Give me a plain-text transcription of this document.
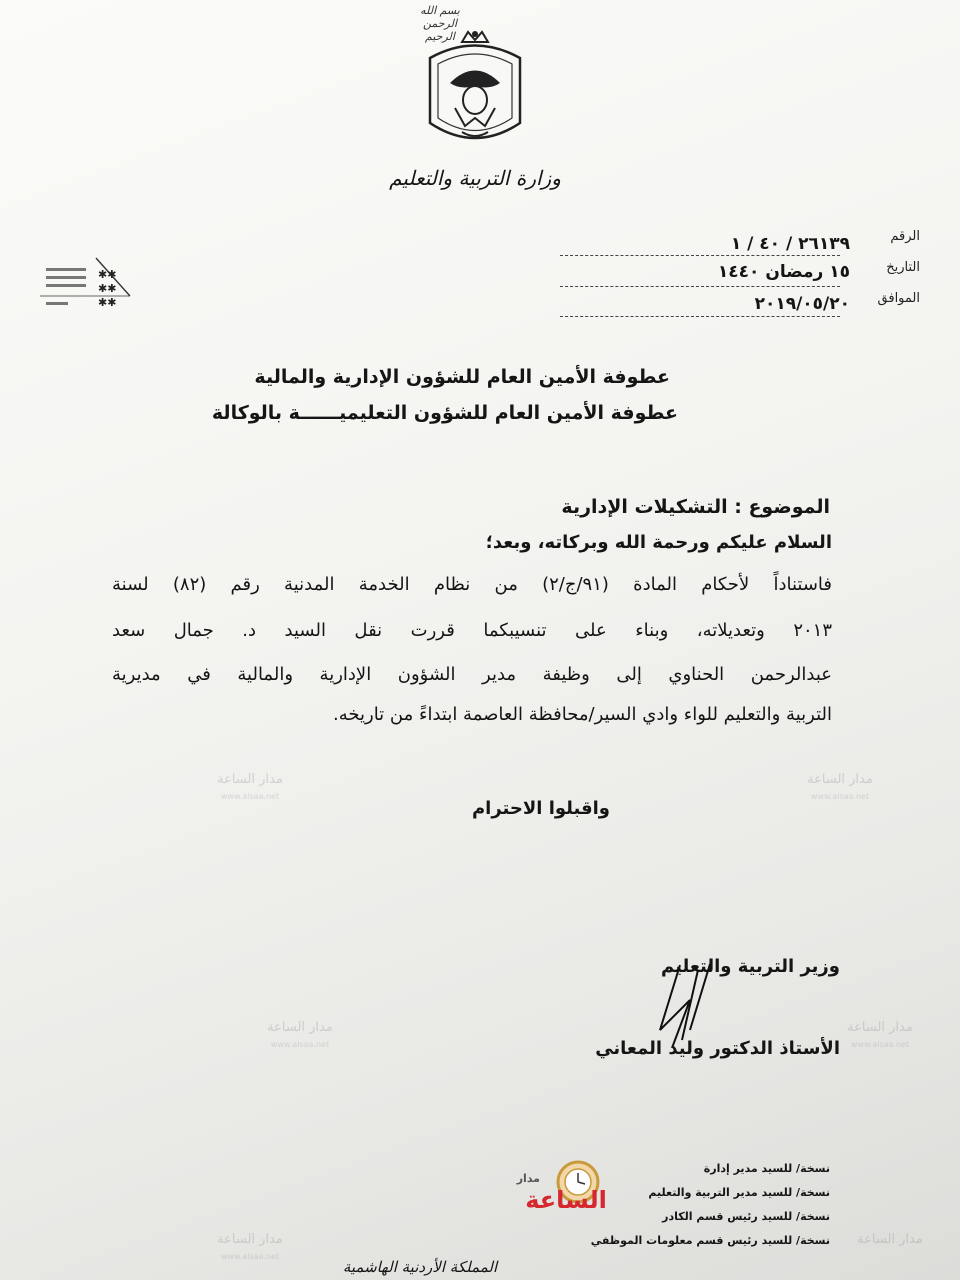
بسم الله الرحمن الرحيم
وزارة التربية والتعليم
الرقم
٢٦١٣٩ / ٤٠ / ١
التاريخ
١٥ رمضان ١٤٤٠
الموافق
٢٠١٩/٠٥/٢٠
✱✱
✱✱
✱✱
عطوفة الأمين العام للشؤون الإدارية والمالية
عطوفة الأمين العام للشؤون التعليميــــــة بالوكالة
الموضوع : التشكيلات الإدارية
السلام عليكم ورحمة الله وبركاته، وبعد؛
فاستناداً لأحكام المادة (٩١/ج/٢) من نظام الخدمة المدنية رقم (٨٢) لسنة
٢٠١٣ وتعديلاته، وبناء على تنسيبكما قررت نقل السيد د. جمال سعد
عبدالرحمن الحناوي إلى وظيفة مدير الشؤون الإدارية والمالية في مديرية
التربية والتعليم للواء وادي السير/محافظة العاصمة ابتداءً من تاريخه.
واقبلوا الاحترام
مدار الساعة
www.alsaa.net
مدار الساعة
www.alsaa.net
مدار الساعة
www.alsaa.net
مدار الساعة
www.alsaa.net
مدار الساعة
www.alsaa.net
مدار الساعة
وزير التربية والتعليم
الأستاذ الدكتور وليد المعاني
نسخة/ للسيد مدير إدارة
نسخة/ للسيد مدير التربية والتعليم
نسخة/ للسيد رئيس قسم الكادر
نسخة/ للسيد رئيس قسم معلومات الموظفي
مدار
الساعة
المملكة الأردنية الهاشمية
